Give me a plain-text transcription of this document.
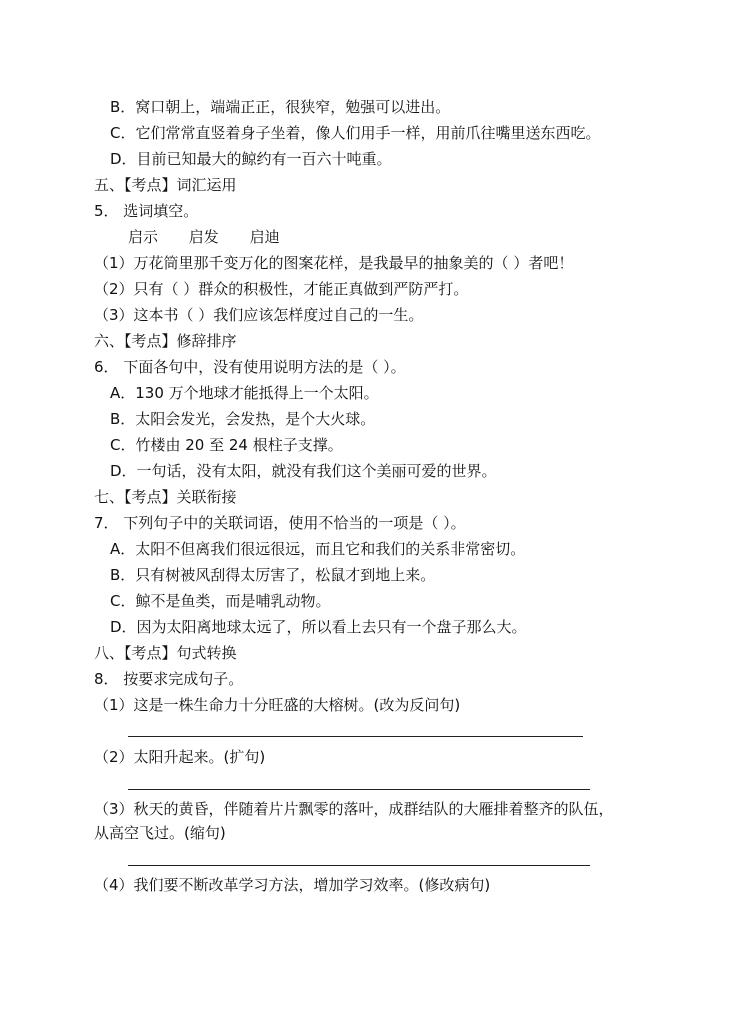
B．窝口朝上，端端正正，很狭窄，勉强可以进出。
C．它们常常直竖着身子坐着，像人们用手一样，用前爪往嘴里送东西吃。
D．目前已知最大的鲸约有一百六十吨重。
五、【考点】词汇运用
5． 选词填空。
启示 启发 启迪
（1）万花筒里那千变万化的图案花样，是我最早的抽象美的（ ）者吧！
（2）只有（ ）群众的积极性，才能正真做到严防严打。
（3）这本书（ ）我们应该怎样度过自己的一生。
六、【考点】修辞排序
6． 下面各句中，没有使用说明方法的是（ ）。
A．130 万个地球才能抵得上一个太阳。
B．太阳会发光，会发热，是个大火球。
C．竹楼由 20 至 24 根柱子支撑。
D．一句话，没有太阳，就没有我们这个美丽可爱的世界。
七、【考点】关联衔接
7． 下列句子中的关联词语，使用不恰当的一项是（ ）。
A．太阳不但离我们很远很远，而且它和我们的关系非常密切。
B．只有树被风刮得太厉害了，松鼠才到地上来。
C．鲸不是鱼类，而是哺乳动物。
D．因为太阳离地球太远了，所以看上去只有一个盘子那么大。
八、【考点】句式转换
8． 按要求完成句子。
（1）这是一株生命力十分旺盛的大榕树。(改为反问句)
（2）太阳升起来。(扩句)
（3）秋天的黄昏，伴随着片片飘零的落叶，成群结队的大雁排着整齐的队伍，
从高空飞过。(缩句)
（4）我们要不断改革学习方法，增加学习效率。(修改病句)
